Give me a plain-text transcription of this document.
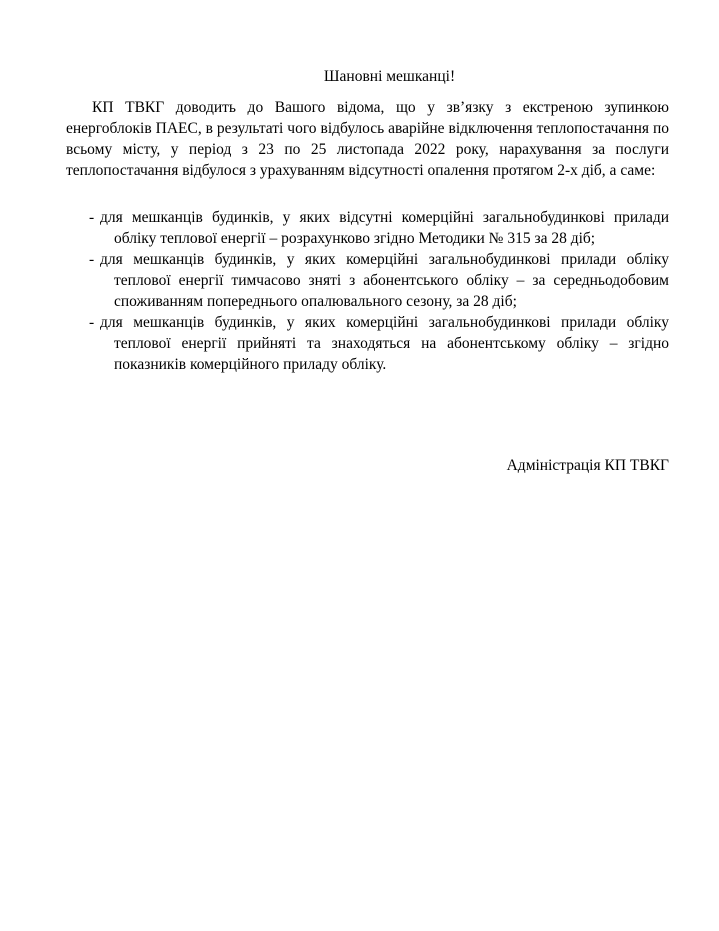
Шановні мешканці!

КП ТВКГ доводить до Вашого відома, що у зв’язку з екстреною зупинкою енергоблоків ПАЕС, в результаті чого відбулось аварійне відключення теплопостачання по всьому місту, у період з 23 по 25 листопада 2022 року, нарахування за послуги теплопостачання відбулося з урахуванням відсутності опалення протягом 2-х діб, а саме:

- для мешканців будинків, у яких відсутні комерційні загальнобудинкові прилади обліку теплової енергії – розрахунково згідно Методики № 315 за 28 діб;
- для мешканців будинків, у яких комерційні загальнобудинкові прилади обліку теплової енергії тимчасово зняті з абонентського обліку – за середньодобовим споживанням попереднього опалювального сезону, за 28 діб;
- для мешканців будинків, у яких комерційні загальнобудинкові прилади обліку теплової енергії прийняті та знаходяться на абонентському обліку – згідно показників комерційного приладу обліку.

Адміністрація КП ТВКГ
